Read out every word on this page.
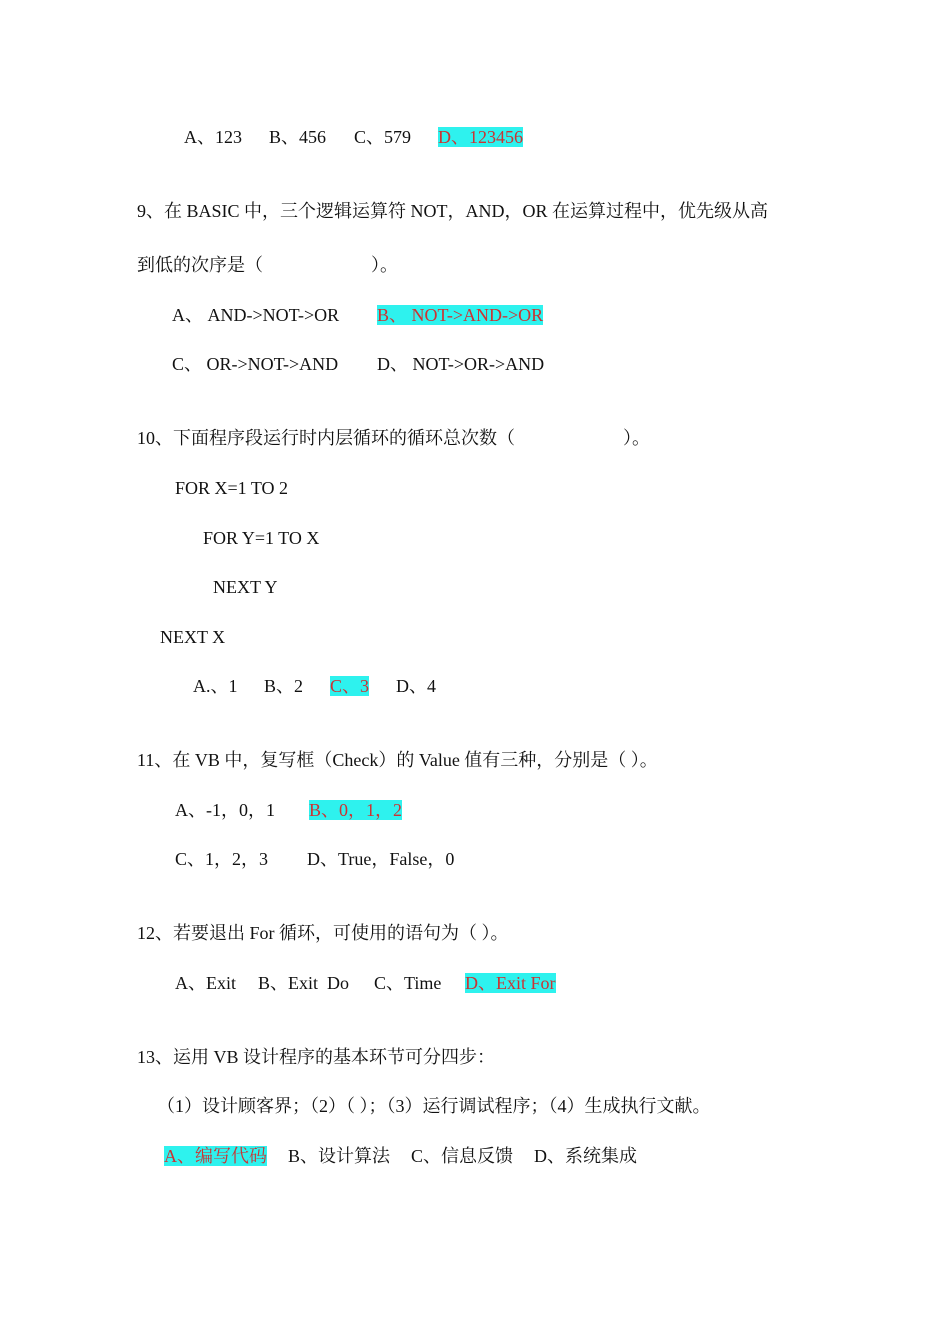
A、123 B、456 C、579 D、123456
9、在 BASIC 中，三个逻辑运算符 NOT，AND，OR 在运算过程中，优先级从高
到低的次序是（　　　　　　）。
A、 AND->NOT->OR B、 NOT->AND->OR
C、 OR->NOT->AND D、 NOT->OR->AND
10、下面程序段运行时内层循环的循环总次数（　　　　　　）。
FOR X=1 TO 2
FOR Y=1 TO X
NEXT Y
NEXT X
A.、1 B、2 C、3 D、4
11、在 VB 中，复写框（Check）的 Value 值有三种，分别是（ ）。
A、-1，0，1 B、0，1，2
C、1，2，3 D、True，False，0
12、若要退出 For 循环，可使用的语句为（ ）。
A、Exit B、Exit  Do C、Time D、Exit For
13、运用 VB 设计程序的基本环节可分四步：
（1）设计顾客界；（2）（ ）；（3）运行调试程序；（4）生成执行文献。
A、编写代码 B、设计算法 C、信息反馈 D、系统集成
